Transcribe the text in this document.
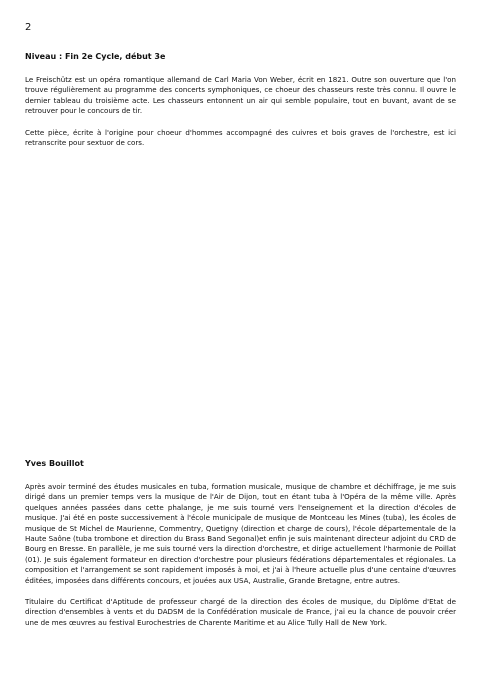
2
Niveau : Fin 2e Cycle, début 3e

Le Freischütz est un opéra romantique allemand de Carl Maria Von Weber, écrit en 1821. Outre son ouverture que l'on trouve régulièrement au programme des concerts symphoniques, ce choeur des chasseurs reste très connu. Il ouvre le dernier tableau du troisième acte. Les chasseurs entonnent un air qui semble populaire, tout en buvant, avant de se retrouver pour le concours de tir.

Cette pièce, écrite à l'origine pour choeur d'hommes accompagné des cuivres et bois graves de l'orchestre, est ici retranscrite pour sextuor de cors.

Yves Bouillot

Après avoir terminé des études musicales en tuba, formation musicale, musique de chambre et déchiffrage, je me suis dirigé dans un premier temps vers la musique de l'Air de Dijon, tout en étant tuba à l'Opéra de la même ville. Après quelques années passées dans cette phalange, je me suis tourné vers l'enseignement et la direction d'écoles de musique. J'ai été en poste successivement à l'école municipale de musique de Montceau les Mines (tuba), les écoles de musique de St Michel de Maurienne, Commentry, Quetigny (direction et charge de cours), l'école départementale de la Haute Saône (tuba trombone et direction du Brass Band Segonal)et enfin je suis maintenant directeur adjoint du CRD de Bourg en Bresse. En parallèle, je me suis tourné vers la direction d'orchestre, et dirige actuellement l'harmonie de Poillat (01). Je suis également formateur en direction d'orchestre pour plusieurs fédérations départementales et régionales. La composition et l'arrangement se sont rapidement imposés à moi, et j'ai à l'heure actuelle plus d'une centaine d'œuvres éditées, imposées dans différents concours, et jouées aux USA, Australie, Grande Bretagne, entre autres.

Titulaire du Certificat d'Aptitude de professeur chargé de la direction des écoles de musique, du Diplôme d'Etat de direction d'ensembles à vents et du DADSM de la Confédération musicale de France, j'ai eu la chance de pouvoir créer une de mes œuvres au festival Eurochestries de Charente Maritime et au Alice Tully Hall de New York.
